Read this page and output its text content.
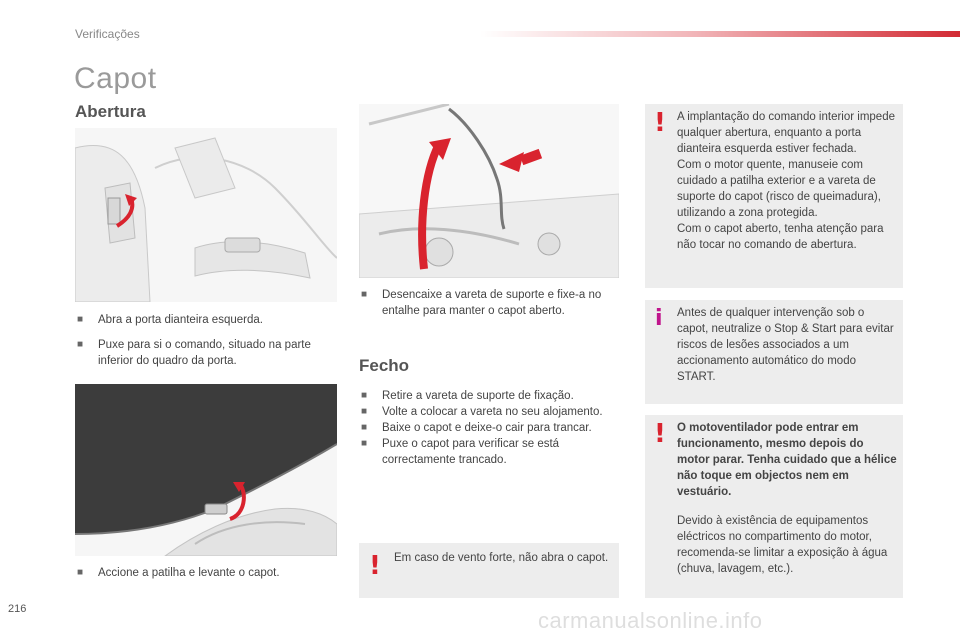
Verificações
Capot
Abertura
■ Abra a porta dianteira esquerda.
■ Puxe para si o comando, situado na parte inferior do quadro da porta.
■ Accione a patilha e levante o capot.
■ Desencaixe a vareta de suporte e fixe-a no entalhe para manter o capot aberto.
Fecho
■ Retire a vareta de suporte de fixação.
■ Volte a colocar a vareta no seu alojamento.
■ Baixe o capot e deixe-o cair para trancar.
■ Puxe o capot para verificar se está correctamente trancado.
! Em caso de vento forte, não abra o capot.
! A implantação do comando interior impede qualquer abertura, enquanto a porta dianteira esquerda estiver fechada.
Com o motor quente, manuseie com cuidado a patilha exterior e a vareta de suporte do capot (risco de queimadura), utilizando a zona protegida.
Com o capot aberto, tenha atenção para não tocar no comando de abertura.
i Antes de qualquer intervenção sob o capot, neutralize o Stop & Start para evitar riscos de lesões associados a um accionamento automático do modo START.
! O motoventilador pode entrar em funcionamento, mesmo depois do motor parar. Tenha cuidado que a hélice não toque em objectos nem em vestuário.
Devido à existência de equipamentos eléctricos no compartimento do motor, recomenda-se limitar a exposição à água (chuva, lavagem, etc.).
216	carmanualsonline.info
